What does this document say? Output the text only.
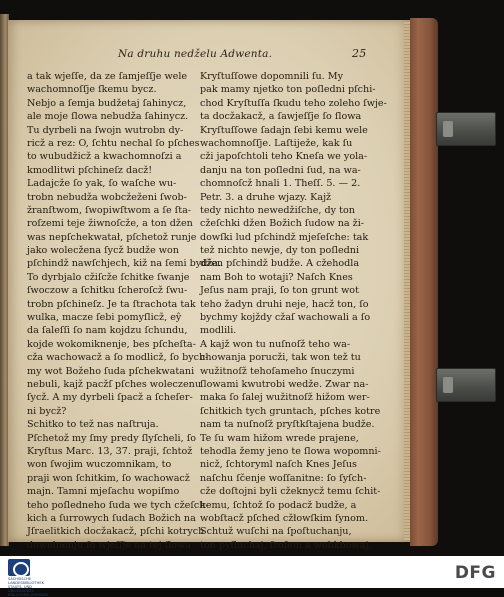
Na druhu nedželu Adwenta.	25
a tak wjeſſe, da ze ſamjeſſje wele
wachomnoſſje ſkemu bycz.
Nebjo a ſemja budžetaj ſahinycz,
ale moje ſlowa nebudža ſahinycz.
Tu dyrbeli na ſwojn wutrobn dy-
ricž a rez: O, ſchtu nechal ſo pſches
to wubudžicž a kwachomnoſzi a
kmodlitwi pſchineſz dacž!
Ladajcže ſo yak, ſo waſche wu-
trobn nebudža wobcžeženi ſwob-
žranſtwom, ſwopiwſtwom a ſe ſta-
roſzemi teje žiwnoſcže, a ton džen
was nepſchekwatał, pſchetož runje
jako wolecžena ſycž budže won
pſchindž nawſchjech, kiž na ſemi bydža.
To dyrbjalo cžiſcže ſchitke ſwanje
ſwoczow a ſchitku ſcheroſcž ſwu-
trobn pſchineſz. Je ta ſtrachota tak
wulka, macze ſebi pomyſlicž, eŷ
da ſaleſſi ſo nam kojdzu ſchundu,
kojde wokomiknenje, bes pſcheſta-
cža wachowacž a ſo modlicž, ſo bych-
my wot Božeho ſuda pſchekwatani
nebuli, kajž pacžſ pſches woleczenu
ſycž. A my dyrbeli ſpacž a ſcheſer-
ni bycž?
Schitko to tež nas naſtruja.
Pſchetož my ſmy predy ſlyſcheli, ſo
Kryſtus Marc. 13, 37. praji, ſchtož
won ſwojim wuczomnikam, to
praji won ſchitkim, ſo wachowacž
majn. Tamni mjeſachu wopiſmo
teho poſledneho ſuda we tych cžeſch-
kich a ſurrowych ſudach Božich na
Jſraelitkich docžakacž, pſchi kotrych
dowelnenju ſo wjeſſje na tej ſlowa
Kryſtuſſowe dopomnili ſu. My
pak mamy njetko ton poſledni pſchi-
chod Kryſtuſſa ſkudu teho zoleho ſwje-
ta docžakacž, a ſawjeſſje ſo ſlowa
Kryſtuſſowe ſadajn ſebi kemu wele
wachomnoſſje. Laſtiježe, kak ſu
cži japoſchtoli teho Kneſa we yola-
danju na ton poſledni ſud, na wa-
chomnoſcž hnali 1. Theſſ. 5. — 2.
Petr. 3. a druhe wjazy. Kajž
tedy nichto newedžiſche, dy ton
cžeſchki džen Božich ſudow na ži-
dowſki lud pſchindž mjeſeſche: tak
tež nichto newje, dy ton poſledni
džen pſchindž budže. A cžehodla
nam Boh to wotaji? Naſch Knes
Jeſus nam praji, ſo ton grunt wot
teho žadyn druhi neje, hacž ton, ſo
bychmy kojždy cžaſ wachowali a ſo
modlili.
A kajž won tu nuſnoſž teho wa-
chowanja porucži, tak won tež tu
wužitnoſž tehoſameho ſnuczymi
ſlowami kwutrobi wedže. Zwar na-
maka ſo ſalej wužitnoſž hižom wer-
ſchitkich tych gruntach, pſches kotre
nam ta nuſnoſž pryſtkſtajena budže.
Te ſu wam hižom wrede prajene,
tehodla žemy jeno te ſlowa wopomni-
nicž, ſchtoryml naſch Knes Jeſus
naſchu ſčenje woſſanitne: ſo ſyſch-
cže doſtojni byli cžeknycž temu ſchit-
kemu, ſchtož ſo podacž budže, a
wobſtacž pſched cžłowſkim ſynom.
Schtuž wuſchi na ſpoſtuchanju,
ton pyſluchaj, ſroſem a wobkhowaj,
SÄCHSISCHE
LANDESBIBLIOTHEK
STAATS- UND
UNIVERSITÄTS-
BIBLIOTHEK DRESDEN
DFG
